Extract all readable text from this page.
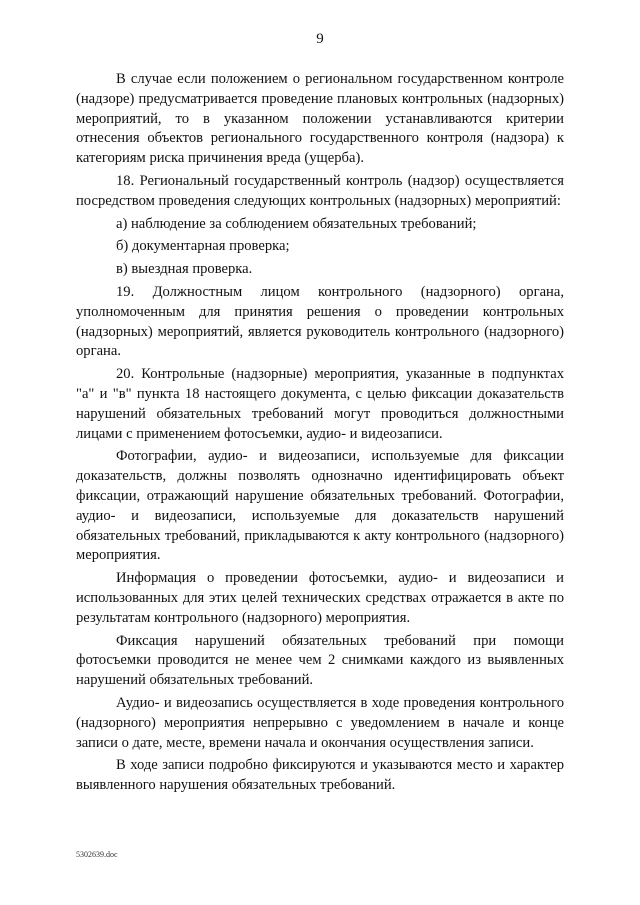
9

В случае если положением о региональном государственном контроле (надзоре) предусматривается проведение плановых контрольных (надзорных) мероприятий, то в указанном положении устанавливаются критерии отнесения объектов регионального государственного контроля (надзора) к категориям риска причинения вреда (ущерба).

18. Региональный государственный контроль (надзор) осуществляется посредством проведения следующих контрольных (надзорных) мероприятий:

а) наблюдение за соблюдением обязательных требований;

б) документарная проверка;

в) выездная проверка.

19. Должностным лицом контрольного (надзорного) органа, уполномоченным для принятия решения о проведении контрольных (надзорных) мероприятий, является руководитель контрольного (надзорного) органа.

20. Контрольные (надзорные) мероприятия, указанные в подпунктах "а" и "в" пункта 18 настоящего документа, с целью фиксации доказательств нарушений обязательных требований могут проводиться должностными лицами с применением фотосъемки, аудио- и видеозаписи.

Фотографии, аудио- и видеозаписи, используемые для фиксации доказательств, должны позволять однозначно идентифицировать объект фиксации, отражающий нарушение обязательных требований. Фотографии, аудио- и видеозаписи, используемые для доказательств нарушений обязательных требований, прикладываются к акту контрольного (надзорного) мероприятия.

Информация о проведении фотосъемки, аудио- и видеозаписи и использованных для этих целей технических средствах отражается в акте по результатам контрольного (надзорного) мероприятия.

Фиксация нарушений обязательных требований при помощи фотосъемки проводится не менее чем 2 снимками каждого из выявленных нарушений обязательных требований.

Аудио- и видеозапись осуществляется в ходе проведения контрольного (надзорного) мероприятия непрерывно с уведомлением в начале и конце записи о дате, месте, времени начала и окончания осуществления записи.

В ходе записи подробно фиксируются и указываются место и характер выявленного нарушения обязательных требований.

5302639.doc
